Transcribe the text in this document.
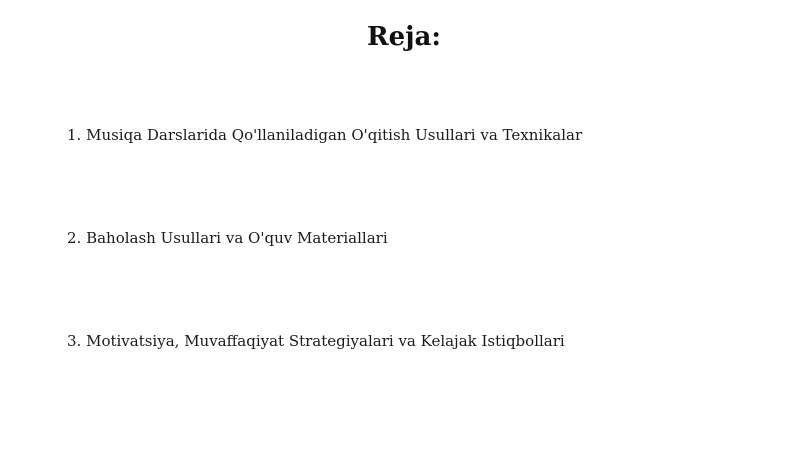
Reja:
1. Musiqa Darslarida Qo'llaniladigan O'qitish Usullari va Texnikalar
2. Baholash Usullari va O'quv Materiallari
3. Motivatsiya, Muvaffaqiyat Strategiyalari va Kelajak Istiqbollari
